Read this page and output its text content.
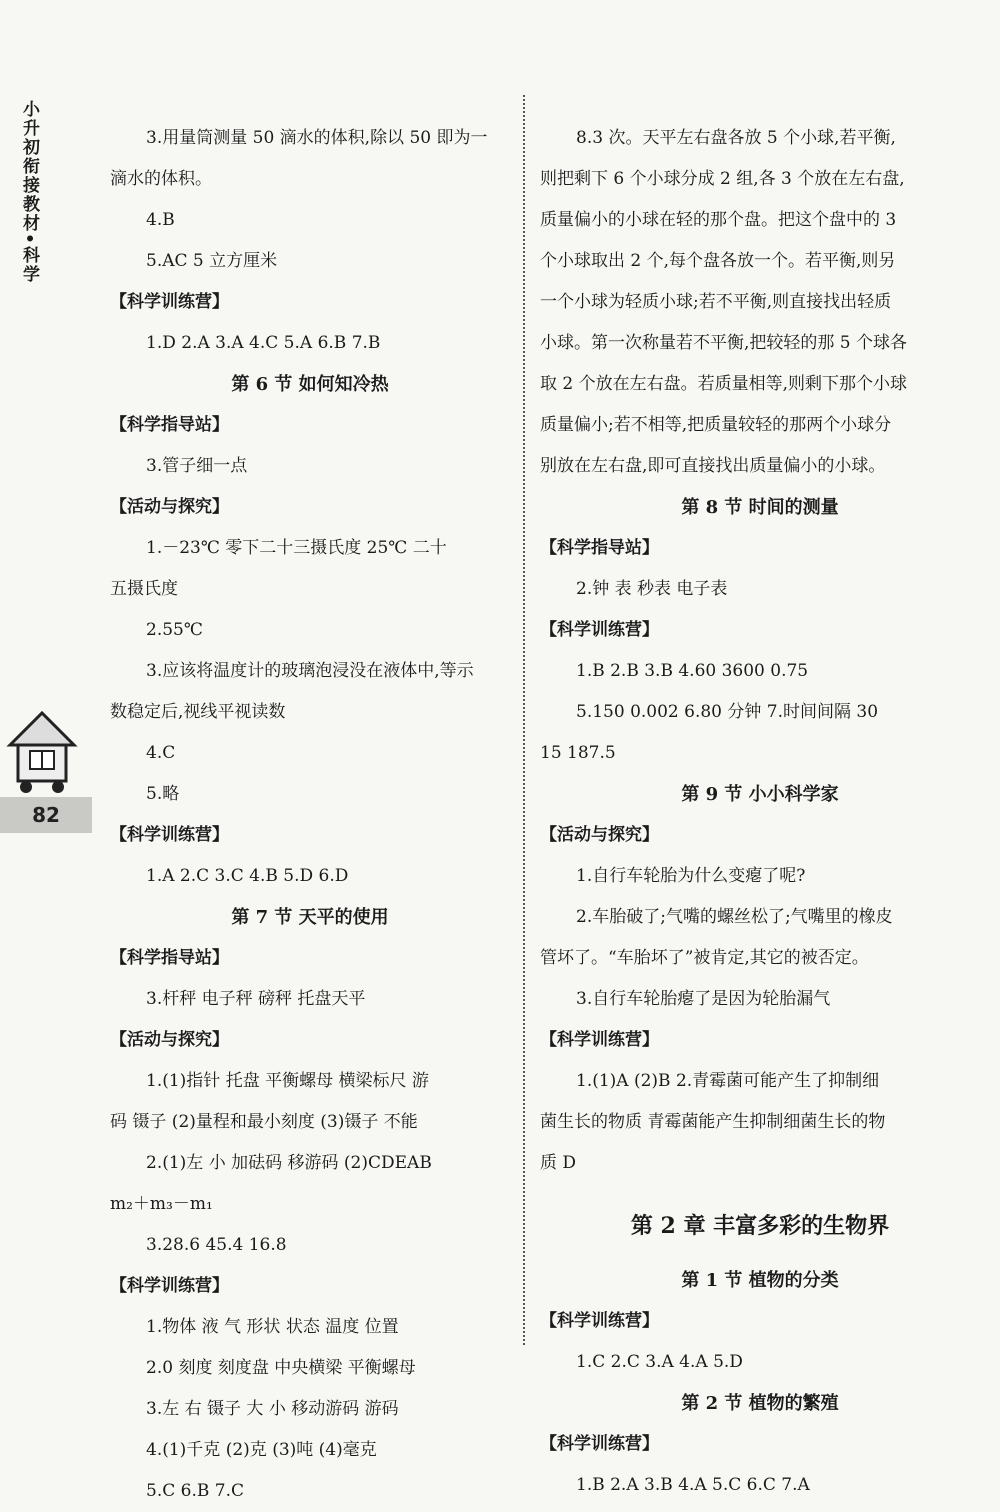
小升初衔接教材•科学
82

3.用量筒测量 50 滴水的体积,除以 50 即为一

滴水的体积。

4.B

5.AC 5 立方厘米

【科学训练营】

1.D 2.A 3.A 4.C 5.A 6.B 7.B

第 6 节 如何知冷热

【科学指导站】

3.管子细一点

【活动与探究】

1.－23℃ 零下二十三摄氏度 25℃ 二十

五摄氏度

2.55℃

3.应该将温度计的玻璃泡浸没在液体中,等示

数稳定后,视线平视读数

4.C

5.略

【科学训练营】

1.A 2.C 3.C 4.B 5.D 6.D

第 7 节 天平的使用

【科学指导站】

3.杆秤 电子秤 磅秤 托盘天平

【活动与探究】

1.(1)指针 托盘 平衡螺母 横梁标尺 游

码 镊子 (2)量程和最小刻度 (3)镊子 不能

2.(1)左 小 加砝码 移游码 (2)CDEAB

m₂＋m₃－m₁

3.28.6 45.4 16.8

【科学训练营】

1.物体 液 气 形状 状态 温度 位置

2.0 刻度 刻度盘 中央横梁 平衡螺母

3.左 右 镊子 大 小 移动游码 游码

4.(1)千克 (2)克 (3)吨 (4)毫克

5.C 6.B 7.C

8.3 次。天平左右盘各放 5 个小球,若平衡,

则把剩下 6 个小球分成 2 组,各 3 个放在左右盘,

质量偏小的小球在轻的那个盘。把这个盘中的 3

个小球取出 2 个,每个盘各放一个。若平衡,则另

一个小球为轻质小球;若不平衡,则直接找出轻质

小球。第一次称量若不平衡,把较轻的那 5 个球各

取 2 个放在左右盘。若质量相等,则剩下那个小球

质量偏小;若不相等,把质量较轻的那两个小球分

别放在左右盘,即可直接找出质量偏小的小球。

第 8 节 时间的测量

【科学指导站】

2.钟 表 秒表 电子表

【科学训练营】

1.B 2.B 3.B 4.60 3600 0.75

5.150 0.002 6.80 分钟 7.时间间隔 30

15 187.5

第 9 节 小小科学家

【活动与探究】

1.自行车轮胎为什么变瘪了呢?

2.车胎破了;气嘴的螺丝松了;气嘴里的橡皮

管坏了。“车胎坏了”被肯定,其它的被否定。

3.自行车轮胎瘪了是因为轮胎漏气

【科学训练营】

1.(1)A (2)B 2.青霉菌可能产生了抑制细

菌生长的物质 青霉菌能产生抑制细菌生长的物

质 D

第 2 章 丰富多彩的生物界

第 1 节 植物的分类

【科学训练营】

1.C 2.C 3.A 4.A 5.D

第 2 节 植物的繁殖

【科学训练营】

1.B 2.A 3.B 4.A 5.C 6.C 7.A
